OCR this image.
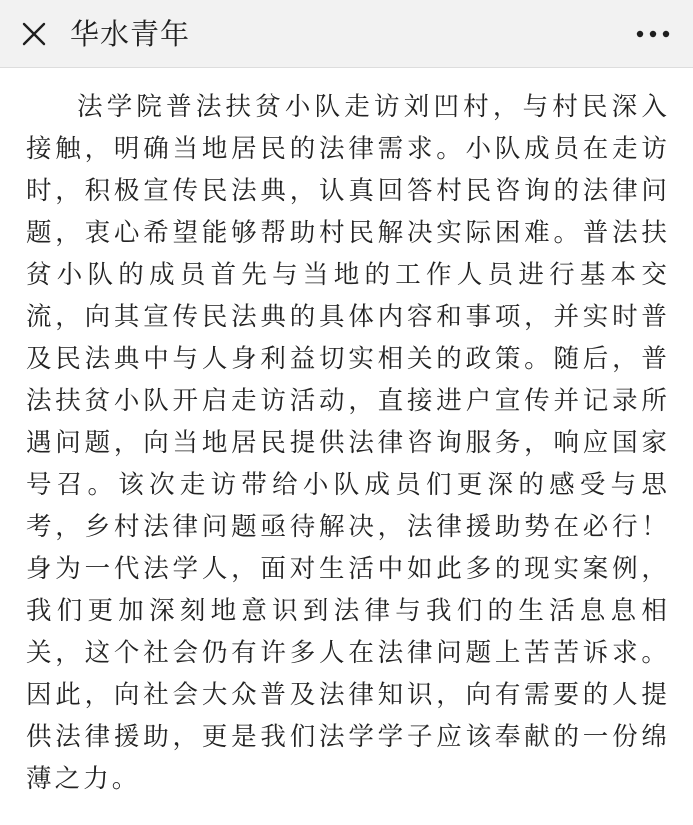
华水青年

法学院普法扶贫小队走访刘凹村，与村民深入接触，明确当地居民的法律需求。小队成员在走访时，积极宣传民法典，认真回答村民咨询的法律问题，衷心希望能够帮助村民解决实际困难。普法扶贫小队的成员首先与当地的工作人员进行基本交流，向其宣传民法典的具体内容和事项，并实时普及民法典中与人身利益切实相关的政策。随后，普法扶贫小队开启走访活动，直接进户宣传并记录所遇问题，向当地居民提供法律咨询服务，响应国家号召。该次走访带给小队成员们更深的感受与思考，乡村法律问题亟待解决，法律援助势在必行！身为一代法学人，面对生活中如此多的现实案例，我们更加深刻地意识到法律与我们的生活息息相关，这个社会仍有许多人在法律问题上苦苦诉求。因此，向社会大众普及法律知识，向有需要的人提供法律援助，更是我们法学学子应该奉献的一份绵薄之力。
